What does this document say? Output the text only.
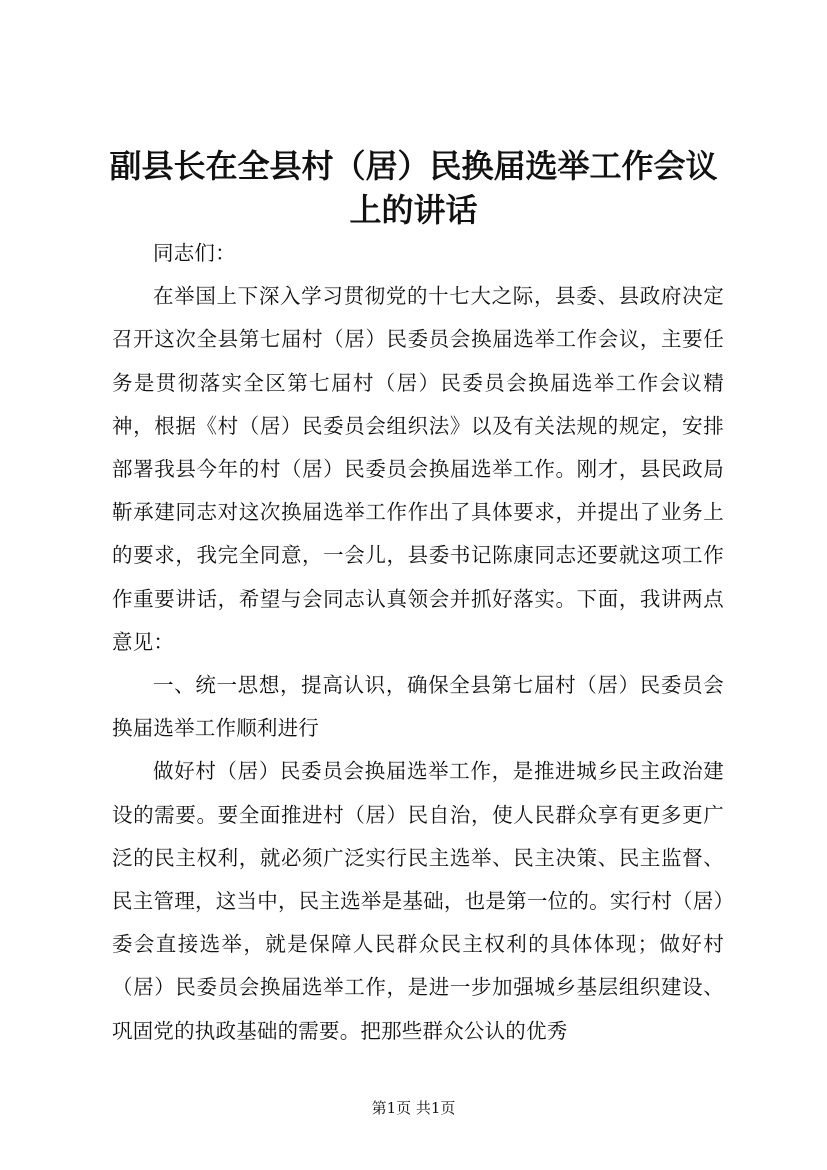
副县长在全县村（居）民换届选举工作会议上的讲话

同志们：

在举国上下深入学习贯彻党的十七大之际，县委、县政府决定召开这次全县第七届村（居）民委员会换届选举工作会议，主要任务是贯彻落实全区第七届村（居）民委员会换届选举工作会议精神，根据《村（居）民委员会组织法》以及有关法规的规定，安排部署我县今年的村（居）民委员会换届选举工作。刚才，县民政局靳承建同志对这次换届选举工作作出了具体要求，并提出了业务上的要求，我完全同意，一会儿，县委书记陈康同志还要就这项工作作重要讲话，希望与会同志认真领会并抓好落实。下面，我讲两点意见：

一、统一思想，提高认识，确保全县第七届村（居）民委员会换届选举工作顺利进行

做好村（居）民委员会换届选举工作，是推进城乡民主政治建设的需要。要全面推进村（居）民自治，使人民群众享有更多更广泛的民主权利，就必须广泛实行民主选举、民主决策、民主监督、民主管理，这当中，民主选举是基础，也是第一位的。实行村（居）委会直接选举，就是保障人民群众民主权利的具体体现；做好村（居）民委员会换届选举工作，是进一步加强城乡基层组织建设、巩固党的执政基础的需要。把那些群众公认的优秀

第1页 共1页
